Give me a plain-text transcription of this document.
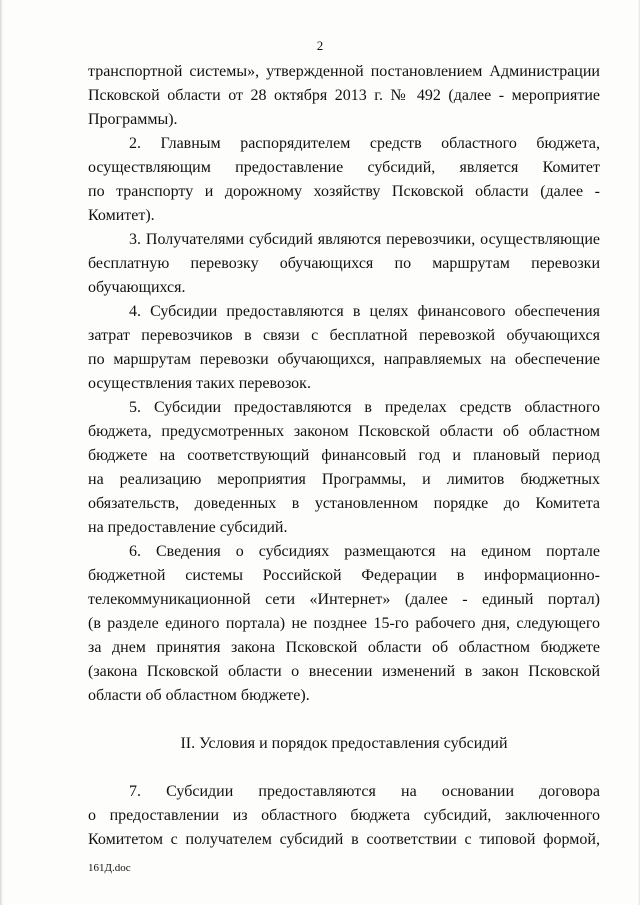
2
транспортной системы», утвержденной постановлением Администрации
Псковской области от 28 октября 2013 г. № 492 (далее - мероприятие
Программы).
2. Главным распорядителем средств областного бюджета,
осуществляющим предоставление субсидий, является Комитет
по транспорту и дорожному хозяйству Псковской области (далее -
Комитет).
3. Получателями субсидий являются перевозчики, осуществляющие
бесплатную перевозку обучающихся по маршрутам перевозки
обучающихся.
4. Субсидии предоставляются в целях финансового обеспечения
затрат перевозчиков в связи с бесплатной перевозкой обучающихся
по маршрутам перевозки обучающихся, направляемых на обеспечение
осуществления таких перевозок.
5. Субсидии предоставляются в пределах средств областного
бюджета, предусмотренных законом Псковской области об областном
бюджете на соответствующий финансовый год и плановый период
на реализацию мероприятия Программы, и лимитов бюджетных
обязательств, доведенных в установленном порядке до Комитета
на предоставление субсидий.
6. Сведения о субсидиях размещаются на едином портале
бюджетной системы Российской Федерации в информационно-
телекоммуникационной сети «Интернет» (далее - единый портал)
(в разделе единого портала) не позднее 15-го рабочего дня, следующего
за днем принятия закона Псковской области об областном бюджете
(закона Псковской области о внесении изменений в закон Псковской
области об областном бюджете).
II. Условия и порядок предоставления субсидий
7. Субсидии предоставляются на основании договора
о предоставлении из областного бюджета субсидий, заключенного
Комитетом с получателем субсидий в соответствии с типовой формой,
161Д.doc
